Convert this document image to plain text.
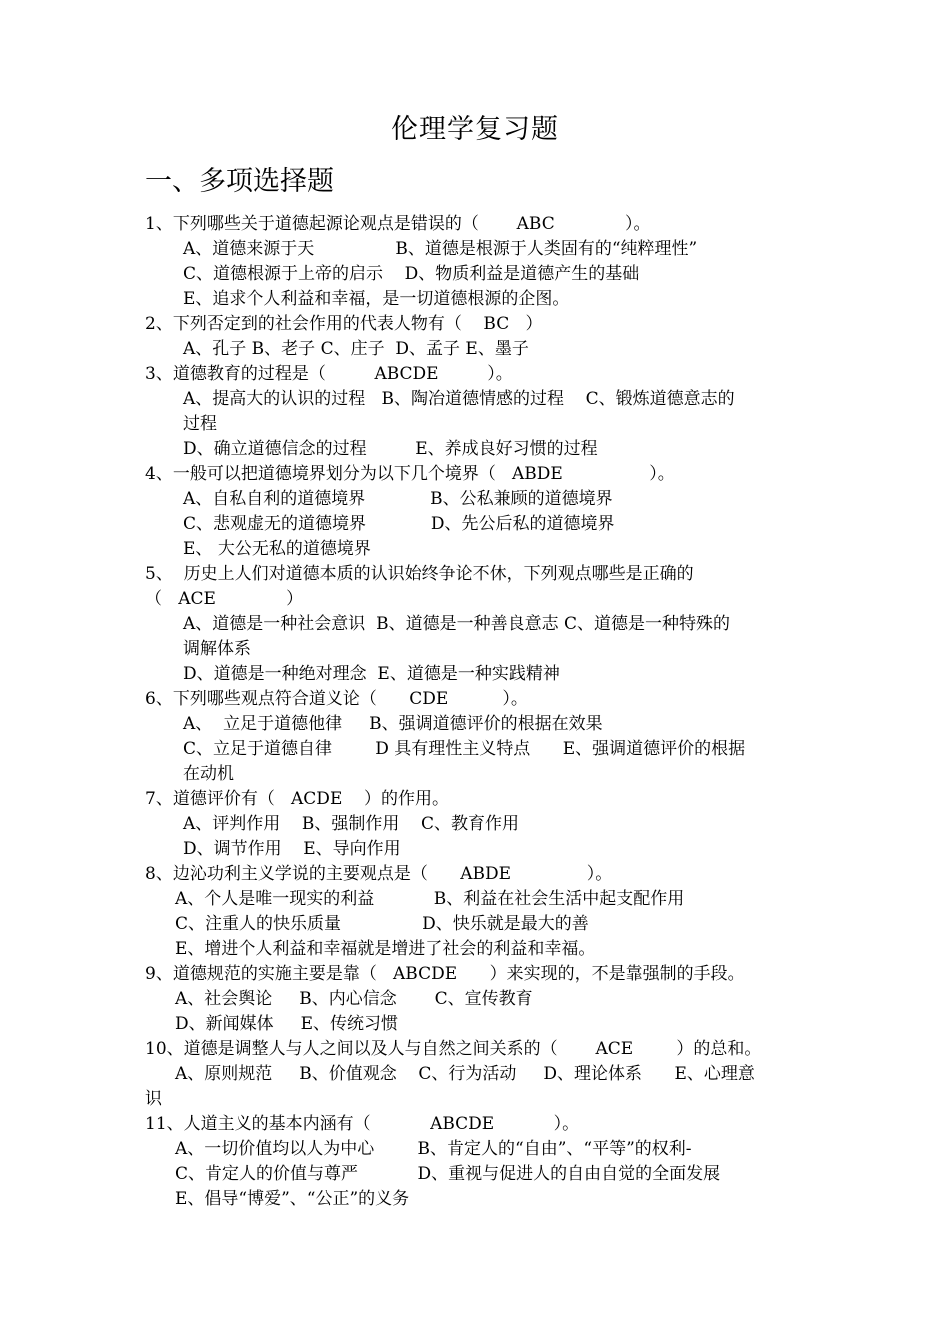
伦理学复习题
一、多项选择题
1、下列哪些关于道德起源论观点是错误的（       ABC             ）。
A、道德来源于天               B、道德是根源于人类固有的“纯粹理性”
C、道德根源于上帝的启示    D、物质利益是道德产生的基础
E、追求个人利益和幸福，是一切道德根源的企图。
2、下列否定到的社会作用的代表人物有（    BC   ）
A、孔子 B、老子 C、庄子  D、孟子 E、墨子
3、道德教育的过程是（         ABCDE         ）。
A、提高大的认识的过程   B、陶冶道德情感的过程    C、锻炼道德意志的
过程
D、确立道德信念的过程         E、养成良好习惯的过程
4、一般可以把道德境界划分为以下几个境界（   ABDE                ）。
A、自私自利的道德境界            B、公私兼顾的道德境界
C、悲观虚无的道德境界            D、先公后私的道德境界
E、 大公无私的道德境界
5、  历史上人们对道德本质的认识始终争论不休，下列观点哪些是正确的
（   ACE             ）
A、道德是一种社会意识  B、道德是一种善良意志 C、道德是一种特殊的
调解体系
D、道德是一种绝对理念  E、道德是一种实践精神
6、下列哪些观点符合道义论（      CDE          ）。
A、  立足于道德他律     B、强调道德评价的根据在效果
C、立足于道德自律        D 具有理性主义特点      E、强调道德评价的根据
在动机
7、道德评价有（   ACDE    ）的作用。
A、评判作用    B、强制作用    C、教育作用
D、调节作用    E、导向作用
8、边沁功利主义学说的主要观点是（      ABDE              ）。
A、个人是唯一现实的利益           B、利益在社会生活中起支配作用
C、注重人的快乐质量               D、快乐就是最大的善
E、增进个人利益和幸福就是增进了社会的利益和幸福。
9、道德规范的实施主要是靠（   ABCDE      ）来实现的，不是靠强制的手段。
A、社会舆论     B、内心信念       C、宣传教育
D、新闻媒体     E、传统习惯
10、道德是调整人与人之间以及人与自然之间关系的（       ACE        ）的总和。
A、原则规范     B、价值观念    C、行为活动     D、理论体系      E、心理意
识
11、人道主义的基本内涵有（           ABCDE           ）。
A、一切价值均以人为中心        B、肯定人的“自由”、“平等”的权利-
C、肯定人的价值与尊严           D、重视与促进人的自由自觉的全面发展
E、倡导“博爱”、“公正”的义务
